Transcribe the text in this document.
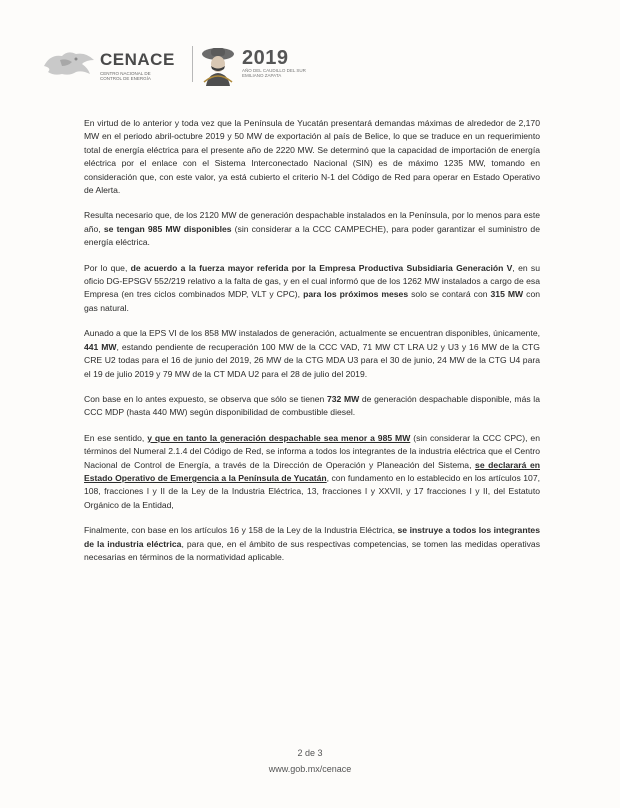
CENACE
CENTRO NACIONAL DE CONTROL DE ENERGÍA
2019
AÑO DEL CAUDILLO DEL SUR EMILIANO ZAPATA

En virtud de lo anterior y toda vez que la Península de Yucatán presentará demandas máximas de alrededor de 2,170 MW en el periodo abril-octubre 2019 y 50 MW de exportación al país de Belice, lo que se traduce en un requerimiento total de energía eléctrica para el presente año de 2220 MW. Se determinó que la capacidad de importación de energía eléctrica por el enlace con el Sistema Interconectado Nacional (SIN) es de máximo 1235 MW, tomando en consideración que, con este valor, ya está cubierto el criterio N-1 del Código de Red para operar en Estado Operativo de Alerta.

Resulta necesario que, de los 2120 MW de generación despachable instalados en la Península, por lo menos para este año, se tengan 985 MW disponibles (sin considerar a la CCC CAMPECHE), para poder garantizar el suministro de energía eléctrica.

Por lo que, de acuerdo a la fuerza mayor referida por la Empresa Productiva Subsidiaria Generación V, en su oficio DG-EPSGV 552/219 relativo a la falta de gas, y en el cual informó que de los 1262 MW instalados a cargo de esa Empresa (en tres ciclos combinados MDP, VLT y CPC), para los próximos meses solo se contará con 315 MW con gas natural.

Aunado a que la EPS VI de los 858 MW instalados de generación, actualmente se encuentran disponibles, únicamente, 441 MW, estando pendiente de recuperación 100 MW de la CCC VAD, 71 MW CT LRA U2 y U3 y 16 MW de la CTG CRE U2 todas para el 16 de junio del 2019, 26 MW de la CTG MDA U3 para el 30 de junio, 24 MW de la CTG U4 para el 19 de julio 2019 y 79 MW de la CT MDA U2 para el 28 de julio del 2019.

Con base en lo antes expuesto, se observa que sólo se tienen 732 MW de generación despachable disponible, más la CCC MDP (hasta 440 MW) según disponibilidad de combustible diesel.

En ese sentido, y que en tanto la generación despachable sea menor a 985 MW (sin considerar la CCC CPC), en términos del Numeral 2.1.4 del Código de Red, se informa a todos los integrantes de la industria eléctrica que el Centro Nacional de Control de Energía, a través de la Dirección de Operación y Planeación del Sistema, se declarará en Estado Operativo de Emergencia a la Península de Yucatán, con fundamento en lo establecido en los artículos 107, 108, fracciones I y II de la Ley de la Industria Eléctrica, 13, fracciones I y XXVII, y 17 fracciones I y II, del Estatuto Orgánico de la Entidad,

Finalmente, con base en los artículos 16 y 158 de la Ley de la Industria Eléctrica, se instruye a todos los integrantes de la industria eléctrica, para que, en el ámbito de sus respectivas competencias, se tomen las medidas operativas necesarias en términos de la normatividad aplicable.

2 de 3
www.gob.mx/cenace
